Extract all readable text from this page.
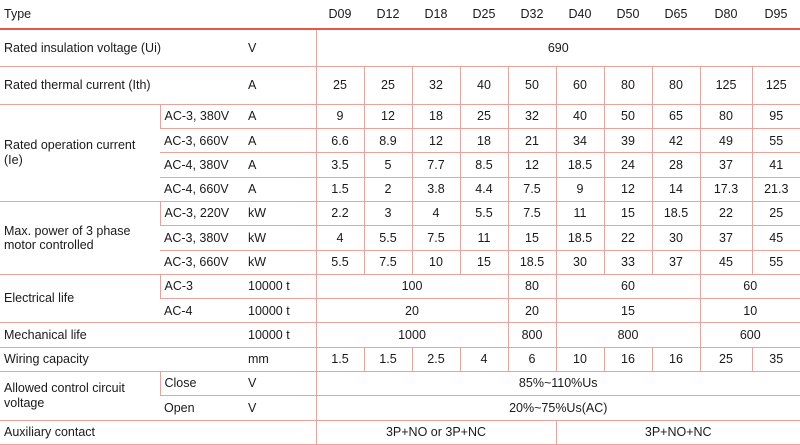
Type			D09	D12	D18	D25	D32	D40	D50	D65	D80	D95
Rated insulation voltage (Ui)		V	690									
Rated thermal current (Ith)		A	25	25	32	40	50	60	80	80	125	125
Rated operation current (Ie)	AC-3, 380V	A	9	12	18	25	32	40	50	65	80	95
	AC-3, 660V	A	6.6	8.9	12	18	21	34	39	42	49	55
	AC-4, 380V	A	3.5	5	7.7	8.5	12	18.5	24	28	37	41
	AC-4, 660V	A	1.5	2	3.8	4.4	7.5	9	12	14	17.3	21.3
Max. power of 3 phase motor controlled	AC-3, 220V	kW	2.2	3	4	5.5	7.5	11	15	18.5	22	25
	AC-3, 380V	kW	4	5.5	7.5	11	15	18.5	22	30	37	45
	AC-3, 660V	kW	5.5	7.5	10	15	18.5	30	33	37	45	55
Electrical life	AC-3	10000 t	100				80	60			60	
	AC-4	10000 t	20				20	15			10	
Mechanical life		10000 t	1000				800	800			600	
Wiring capacity		mm	1.5	1.5	2.5	4	6	10	16	16	25	35
Allowed control circuit voltage	Close	V	85%~110%Us									
	Open	V	20%~75%Us(AC)									
Auxiliary contact			3P+NO or 3P+NC					3P+NO+NC				
